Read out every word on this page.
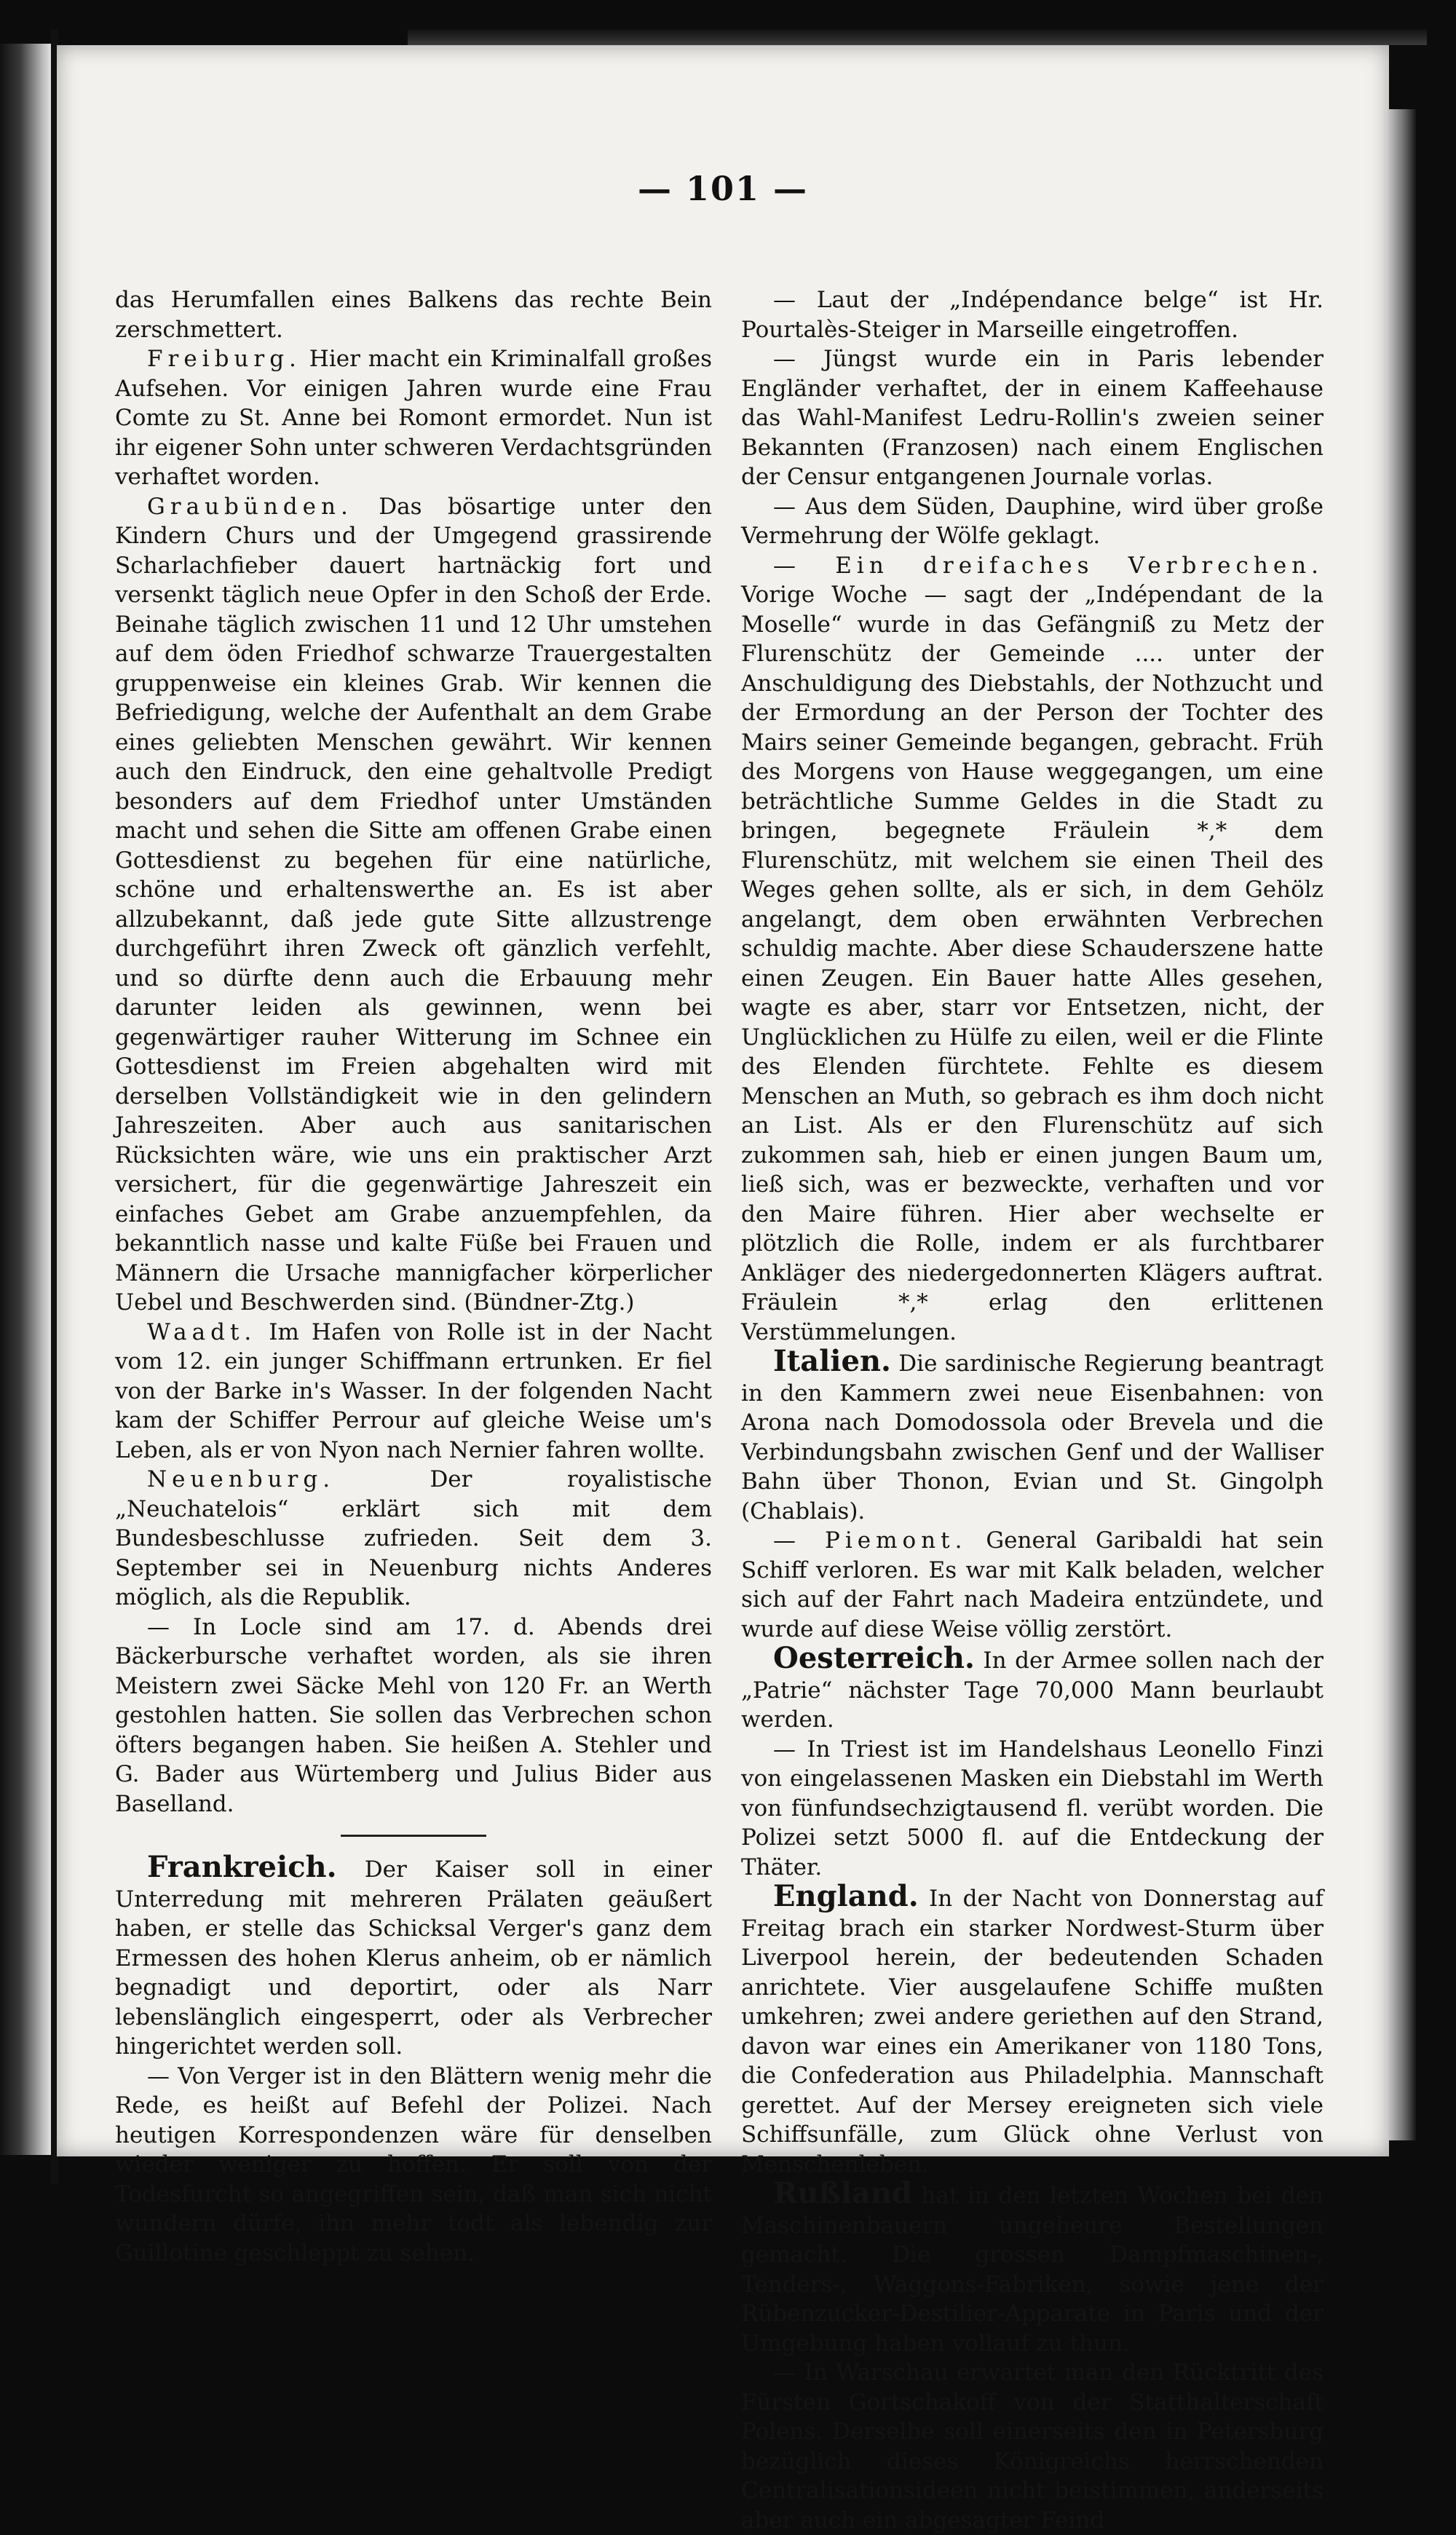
— 101 —

das Herumfallen eines Balkens das rechte Bein zerschmettert.

Freiburg. Hier macht ein Kriminalfall großes Aufsehen. Vor einigen Jahren wurde eine Frau Comte zu St. Anne bei Romont ermordet. Nun ist ihr eigener Sohn unter schweren Verdachtsgründen verhaftet worden.

Graubünden. Das bösartige unter den Kindern Churs und der Umgegend grassirende Scharlachfieber dauert hartnäckig fort und versenkt täglich neue Opfer in den Schoß der Erde. Beinahe täglich zwischen 11 und 12 Uhr umstehen auf dem öden Friedhof schwarze Trauergestalten gruppenweise ein kleines Grab. Wir kennen die Befriedigung, welche der Aufenthalt an dem Grabe eines geliebten Menschen gewährt. Wir kennen auch den Eindruck, den eine gehaltvolle Predigt besonders auf dem Friedhof unter Umständen macht und sehen die Sitte am offenen Grabe einen Gottesdienst zu begehen für eine natürliche, schöne und erhaltenswerthe an. Es ist aber allzubekannt, daß jede gute Sitte allzustrenge durchgeführt ihren Zweck oft gänzlich verfehlt, und so dürfte denn auch die Erbauung mehr darunter leiden als gewinnen, wenn bei gegenwärtiger rauher Witterung im Schnee ein Gottesdienst im Freien abgehalten wird mit derselben Vollständigkeit wie in den gelindern Jahreszeiten. Aber auch aus sanitarischen Rücksichten wäre, wie uns ein praktischer Arzt versichert, für die gegenwärtige Jahreszeit ein einfaches Gebet am Grabe anzuempfehlen, da bekanntlich nasse und kalte Füße bei Frauen und Männern die Ursache mannigfacher körperlicher Uebel und Beschwerden sind. (Bündner-Ztg.)

Waadt. Im Hafen von Rolle ist in der Nacht vom 12. ein junger Schiffmann ertrunken. Er fiel von der Barke in's Wasser. In der folgenden Nacht kam der Schiffer Perrour auf gleiche Weise um's Leben, als er von Nyon nach Nernier fahren wollte.

Neuenburg. Der royalistische „Neuchatelois“ erklärt sich mit dem Bundesbeschlusse zufrieden. Seit dem 3. September sei in Neuenburg nichts Anderes möglich, als die Republik.

— In Locle sind am 17. d. Abends drei Bäckerbursche verhaftet worden, als sie ihren Meistern zwei Säcke Mehl von 120 Fr. an Werth gestohlen hatten. Sie sollen das Verbrechen schon öfters begangen haben. Sie heißen A. Stehler und G. Bader aus Würtemberg und Julius Bider aus Baselland.

Frankreich. Der Kaiser soll in einer Unterredung mit mehreren Prälaten geäußert haben, er stelle das Schicksal Verger's ganz dem Ermessen des hohen Klerus anheim, ob er nämlich begnadigt und deportirt, oder als Narr lebenslänglich eingesperrt, oder als Verbrecher hingerichtet werden soll.

— Von Verger ist in den Blättern wenig mehr die Rede, es heißt auf Befehl der Polizei. Nach heutigen Korrespondenzen wäre für denselben wieder weniger zu hoffen. Er soll von der Todesfurcht so angegriffen sein, daß man sich nicht wundern dürfe, ihn mehr todt als lebendig zur Guillotine geschleppt zu sehen.

— Laut der „Indépendance belge“ ist Hr. Pourtalès-Steiger in Marseille eingetroffen.

— Jüngst wurde ein in Paris lebender Engländer verhaftet, der in einem Kaffeehause das Wahl-Manifest Ledru-Rollin's zweien seiner Bekannten (Franzosen) nach einem Englischen der Censur entgangenen Journale vorlas.

— Aus dem Süden, Dauphine, wird über große Vermehrung der Wölfe geklagt.

— Ein dreifaches Verbrechen. Vorige Woche — sagt der „Indépendant de la Moselle“ wurde in das Gefängniß zu Metz der Flurenschütz der Gemeinde .... unter der Anschuldigung des Diebstahls, der Nothzucht und der Ermordung an der Person der Tochter des Mairs seiner Gemeinde begangen, gebracht. Früh des Morgens von Hause weggegangen, um eine beträchtliche Summe Geldes in die Stadt zu bringen, begegnete Fräulein *,* dem Flurenschütz, mit welchem sie einen Theil des Weges gehen sollte, als er sich, in dem Gehölz angelangt, dem oben erwähnten Verbrechen schuldig machte. Aber diese Schauderszene hatte einen Zeugen. Ein Bauer hatte Alles gesehen, wagte es aber, starr vor Entsetzen, nicht, der Unglücklichen zu Hülfe zu eilen, weil er die Flinte des Elenden fürchtete. Fehlte es diesem Menschen an Muth, so gebrach es ihm doch nicht an List. Als er den Flurenschütz auf sich zukommen sah, hieb er einen jungen Baum um, ließ sich, was er bezweckte, verhaften und vor den Maire führen. Hier aber wechselte er plötzlich die Rolle, indem er als furchtbarer Ankläger des niedergedonnerten Klägers auftrat. Fräulein *,* erlag den erlittenen Verstümmelungen.

Italien. Die sardinische Regierung beantragt in den Kammern zwei neue Eisenbahnen: von Arona nach Domodossola oder Brevela und die Verbindungsbahn zwischen Genf und der Walliser Bahn über Thonon, Evian und St. Gingolph (Chablais).

— Piemont. General Garibaldi hat sein Schiff verloren. Es war mit Kalk beladen, welcher sich auf der Fahrt nach Madeira entzündete, und wurde auf diese Weise völlig zerstört.

Oesterreich. In der Armee sollen nach der „Patrie“ nächster Tage 70,000 Mann beurlaubt werden.

— In Triest ist im Handelshaus Leonello Finzi von eingelassenen Masken ein Diebstahl im Werth von fünfundsechzigtausend fl. verübt worden. Die Polizei setzt 5000 fl. auf die Entdeckung der Thäter.

England. In der Nacht von Donnerstag auf Freitag brach ein starker Nordwest-Sturm über Liverpool herein, der bedeutenden Schaden anrichtete. Vier ausgelaufene Schiffe mußten umkehren; zwei andere geriethen auf den Strand, davon war eines ein Amerikaner von 1180 Tons, die Confederation aus Philadelphia. Mannschaft gerettet. Auf der Mersey ereigneten sich viele Schiffsunfälle, zum Glück ohne Verlust von Menschenleben.

Rußland hat in den letzten Wochen bei den Maschinenbauern ungeheure Bestellungen gemacht. Die grossen Dampfmaschinen-, Tenders-, Waggons-Fabriken, sowie jene der Rübenzucker-Destilier-Apparate in Paris und der Umgebung haben vollauf zu thun.

— In Warschau erwartet man den Rücktritt des Fürsten Gortschakoff von der Statthalterschaft Polens. Derselbe soll einerseits den in Petersburg bezüglich dieses Königreichs herrschenden Centralisationsideen nicht beistimmen, anderseits aber auch ein abgesagter Feind
